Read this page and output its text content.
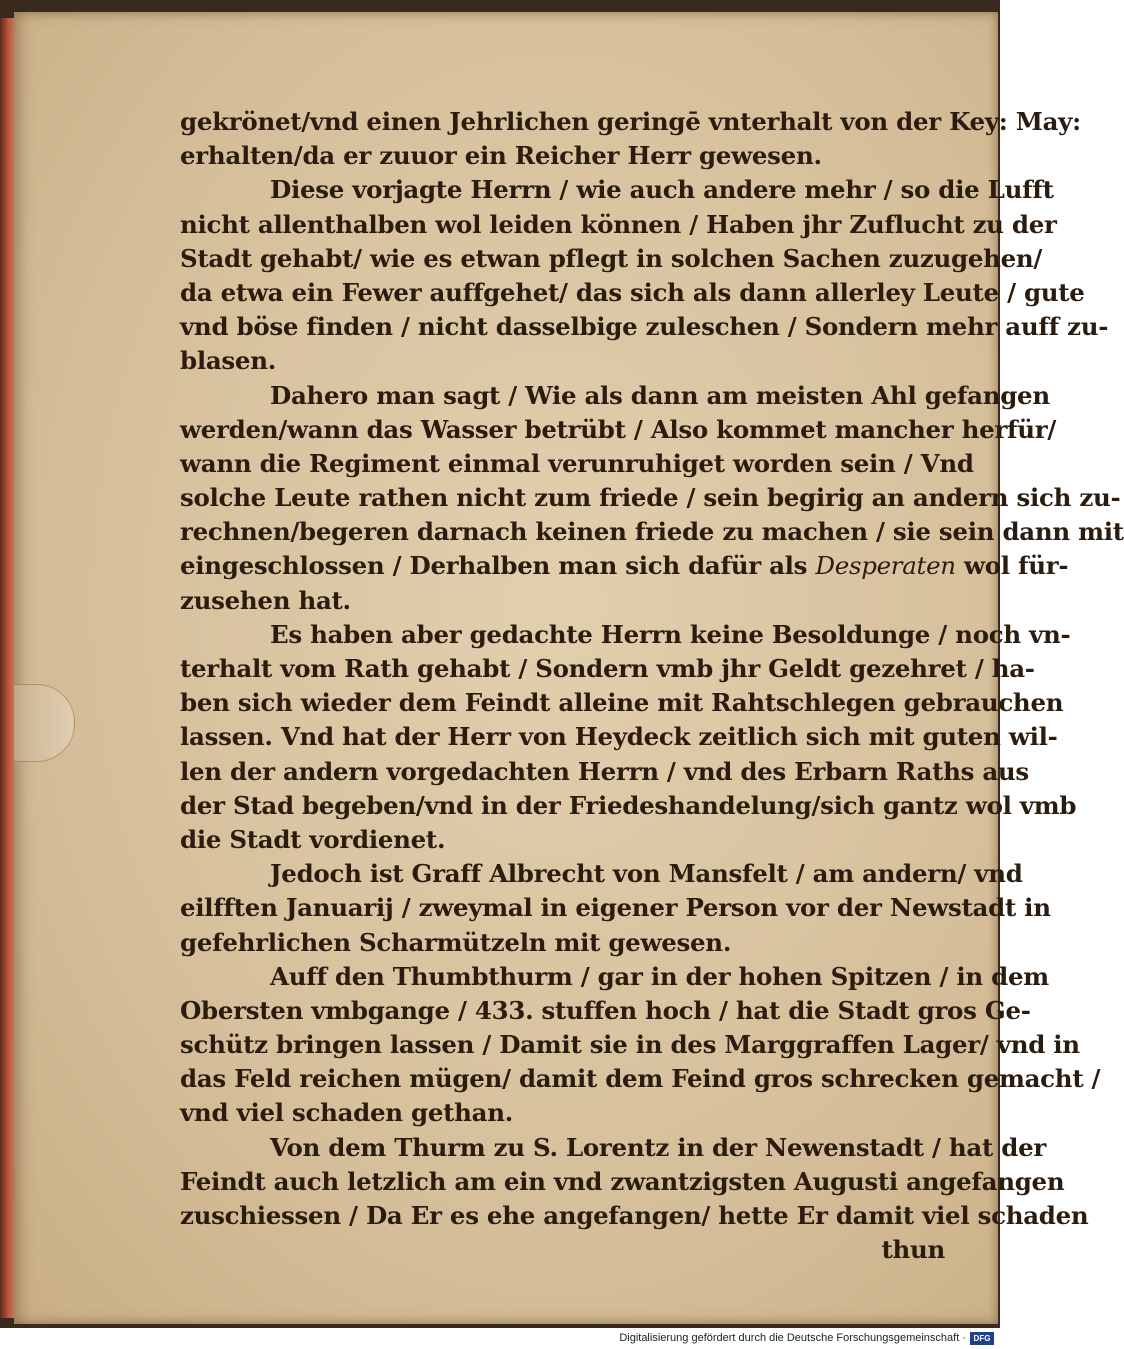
gekrönet/vnd einen Jehrlichen geringē vnterhalt von der Key: May:
erhalten/da er zuuor ein Reicher Herr gewesen.
Diese vorjagte Herrn / wie auch andere mehr / so die Lufft
nicht allenthalben wol leiden können / Haben jhr Zuflucht zu der
Stadt gehabt/ wie es etwan pflegt in solchen Sachen zuzugehen/
da etwa ein Fewer auffgehet/ das sich als dann allerley Leute / gute
vnd böse finden / nicht dasselbige zuleschen / Sondern mehr auff zu-
blasen.
Dahero man sagt / Wie als dann am meisten Ahl gefangen
werden/wann das Wasser betrübt / Also kommet mancher herfür/
wann die Regiment einmal verunruhiget worden sein / Vnd
solche Leute rathen nicht zum friede / sein begirig an andern sich zu-
rechnen/begeren darnach keinen friede zu machen / sie sein dann mit
eingeschlossen / Derhalben man sich dafür als Desperaten wol für-
zusehen hat.
Es haben aber gedachte Herrn keine Besoldunge / noch vn-
terhalt vom Rath gehabt / Sondern vmb jhr Geldt gezehret / ha-
ben sich wieder dem Feindt alleine mit Rahtschlegen gebrauchen
lassen. Vnd hat der Herr von Heydeck zeitlich sich mit guten wil-
len der andern vorgedachten Herrn / vnd des Erbarn Raths aus
der Stad begeben/vnd in der Friedeshandelung/sich gantz wol vmb
die Stadt vordienet.
Jedoch ist Graff Albrecht von Mansfelt / am andern/ vnd
eilfften Januarij / zweymal in eigener Person vor der Newstadt in
gefehrlichen Scharmützeln mit gewesen.
Auff den Thumbthurm / gar in der hohen Spitzen / in dem
Obersten vmbgange / 433. stuffen hoch / hat die Stadt gros Ge-
schütz bringen lassen / Damit sie in des Marggraffen Lager/ vnd in
das Feld reichen mügen/ damit dem Feind gros schrecken gemacht /
vnd viel schaden gethan.
Von dem Thurm zu S. Lorentz in der Newenstadt / hat der
Feindt auch letzlich am ein vnd zwantzigsten Augusti angefangen
zuschiessen / Da Er es ehe angefangen/ hette Er damit viel schaden
thun
Digitalisierung gefördert durch die Deutsche Forschungsgemeinschaft · DFG
